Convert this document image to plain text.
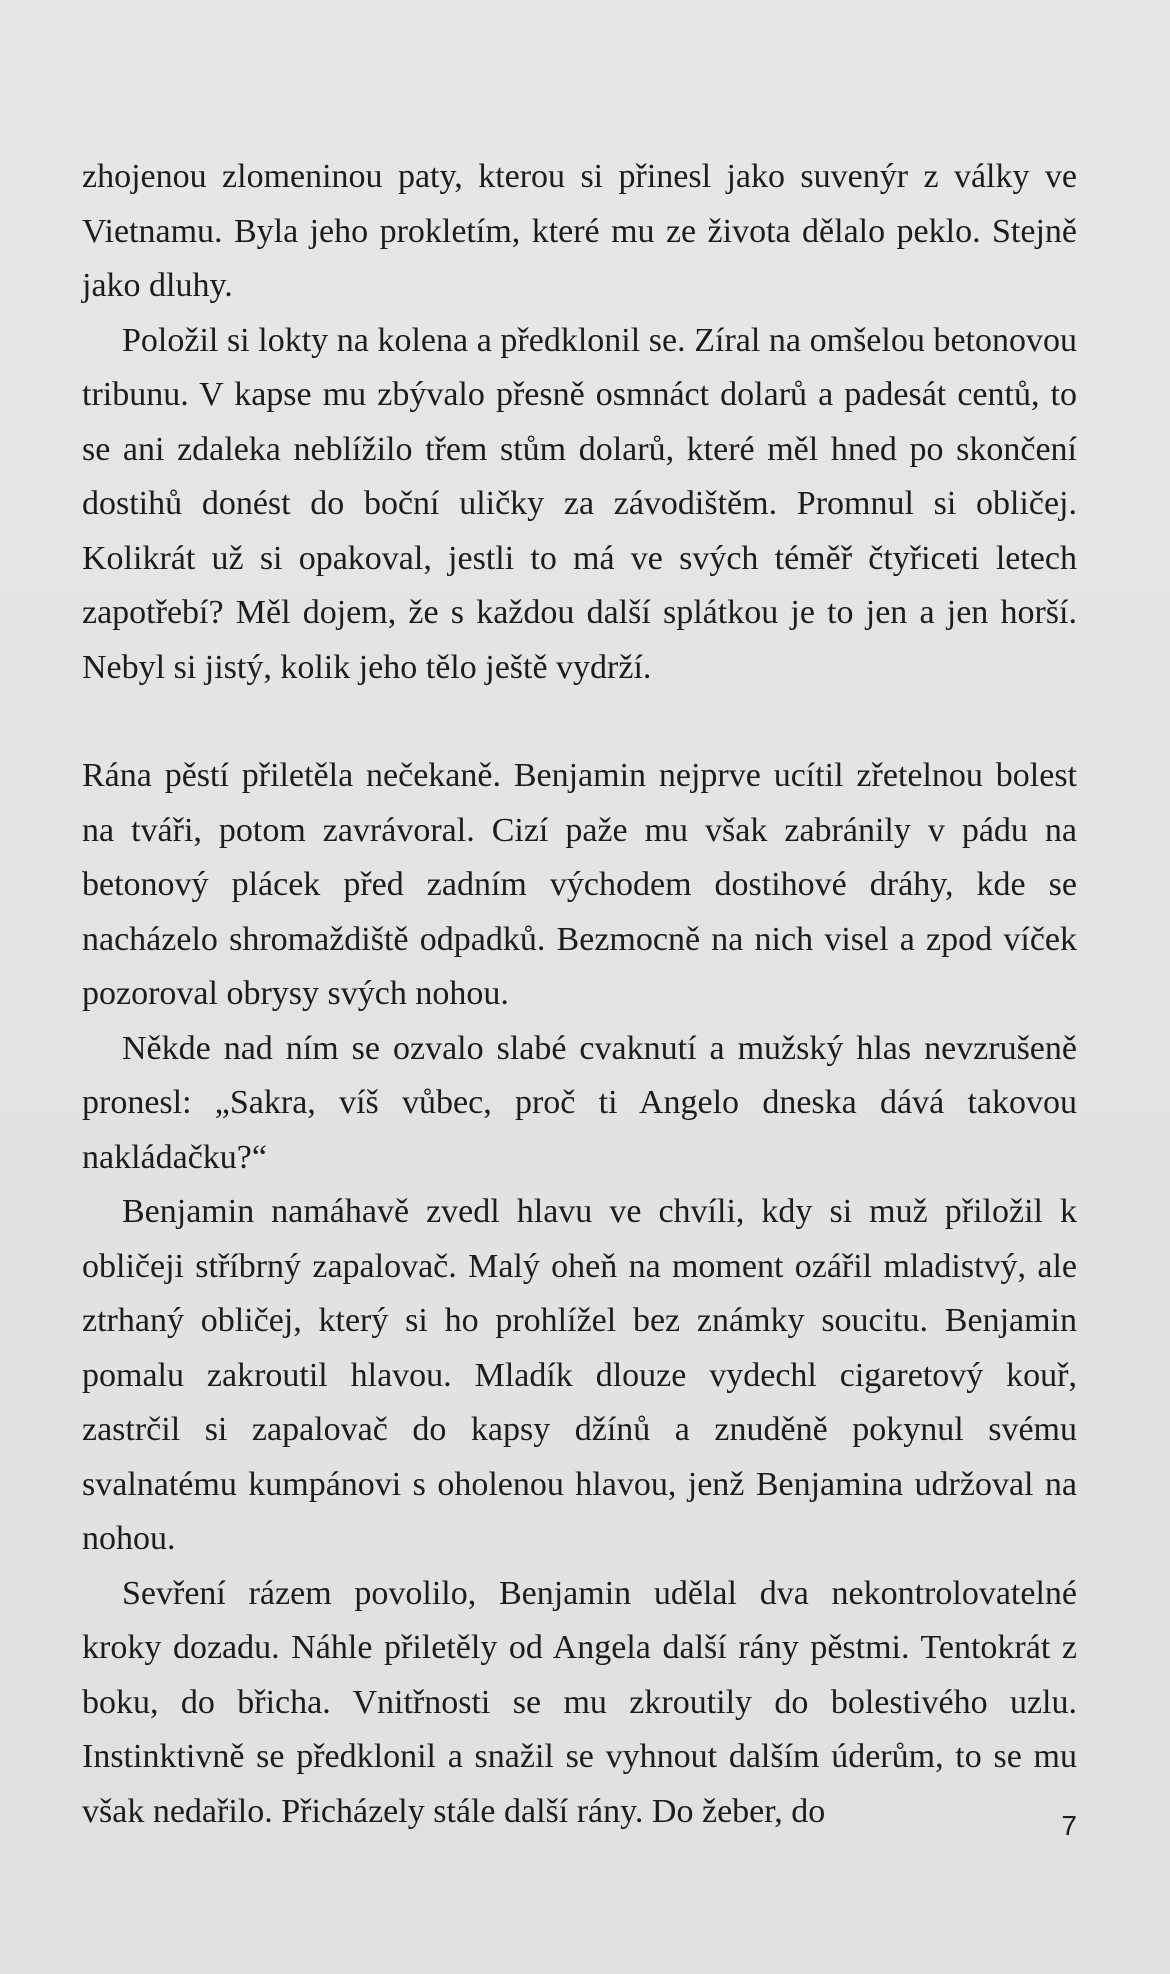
zhojenou zlomeninou paty, kterou si přinesl jako suvenýr z války ve Vietnamu. Byla jeho prokletím, které mu ze života dělalo peklo. Stejně jako dluhy.

Položil si lokty na kolena a předklonil se. Zíral na omšelou betonovou tribunu. V kapse mu zbývalo přesně osmnáct dolarů a padesát centů, to se ani zdaleka neblížilo třem stům dolarů, které měl hned po skončení dostihů donést do boční uličky za závodištěm. Promnul si obličej. Kolikrát už si opakoval, jestli to má ve svých téměř čtyřiceti letech zapotřebí? Měl dojem, že s každou další splátkou je to jen a jen horší. Nebyl si jistý, kolik jeho tělo ještě vydrží.

Rána pěstí přiletěla nečekaně. Benjamin nejprve ucítil zřetelnou bolest na tváři, potom zavrávoral. Cizí paže mu však zabránily v pádu na betonový plácek před zadním východem dostihové dráhy, kde se nacházelo shromaždiště odpadků. Bezmocně na nich visel a zpod víček pozoroval obrysy svých nohou.

Někde nad ním se ozvalo slabé cvaknutí a mužský hlas nevzrušeně pronesl: „Sakra, víš vůbec, proč ti Angelo dneska dává takovou nakládačku?“

Benjamin namáhavě zvedl hlavu ve chvíli, kdy si muž přiložil k obličeji stříbrný zapalovač. Malý oheň na moment ozářil mladistvý, ale ztrhaný obličej, který si ho prohlížel bez známky soucitu. Benjamin pomalu zakroutil hlavou. Mladík dlouze vydechl cigaretový kouř, zastrčil si zapalovač do kapsy džínů a znuděně pokynul svému svalnatému kumpánovi s oholenou hlavou, jenž Benjamina udržoval na nohou.

Sevření rázem povolilo, Benjamin udělal dva nekontrolovatelné kroky dozadu. Náhle přiletěly od Angela další rány pěstmi. Tentokrát z boku, do břicha. Vnitřnosti se mu zkroutily do bolestivého uzlu. Instinktivně se předklonil a snažil se vyhnout dalším úderům, to se mu však nedařilo. Přicházely stále další rány. Do žeber, do	7
